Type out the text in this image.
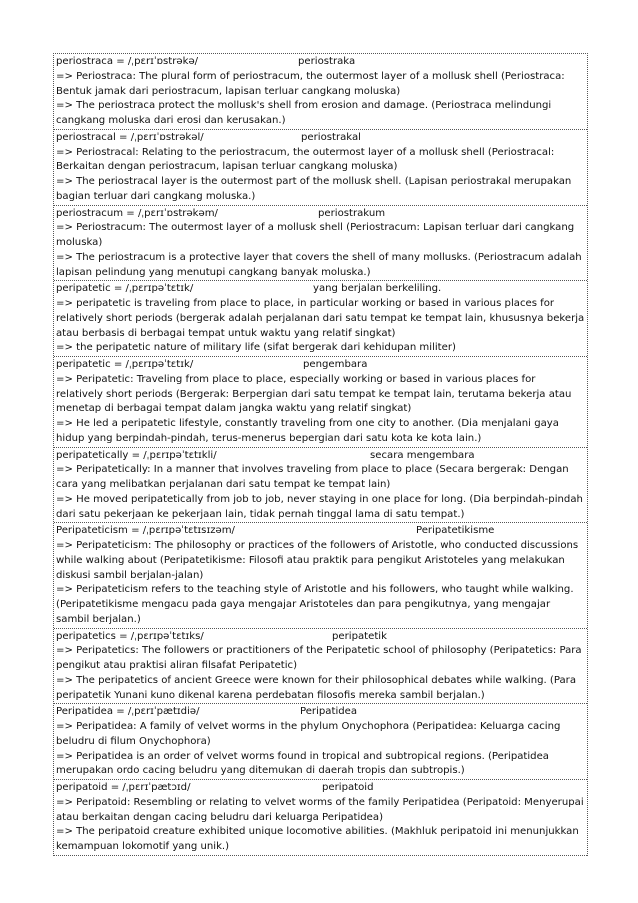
periostraca = /ˌpɛrɪˈɒstrəkə/	periostraka
=> Periostraca: The plural form of periostracum, the outermost layer of a mollusk shell (Periostraca: Bentuk jamak dari periostracum, lapisan terluar cangkang moluska)
=> The periostraca protect the mollusk's shell from erosion and damage. (Periostraca melindungi cangkang moluska dari erosi dan kerusakan.)
periostracal = /ˌpɛrɪˈɒstrəkəl/	periostrakal
=> Periostracal: Relating to the periostracum, the outermost layer of a mollusk shell (Periostracal: Berkaitan dengan periostracum, lapisan terluar cangkang moluska)
=> The periostracal layer is the outermost part of the mollusk shell. (Lapisan periostrakal merupakan bagian terluar dari cangkang moluska.)
periostracum = /ˌpɛrɪˈɒstrəkəm/	periostrakum
=> Periostracum: The outermost layer of a mollusk shell (Periostracum: Lapisan terluar dari cangkang moluska)
=> The periostracum is a protective layer that covers the shell of many mollusks. (Periostracum adalah lapisan pelindung yang menutupi cangkang banyak moluska.)
peripatetic = /ˌpɛrɪpəˈtɛtɪk/	yang berjalan berkeliling.
=> peripatetic is traveling from place to place, in particular working or based in various places for relatively short periods (bergerak adalah perjalanan dari satu tempat ke tempat lain, khususnya bekerja atau berbasis di berbagai tempat untuk waktu yang relatif singkat)
=> the peripatetic nature of military life (sifat bergerak dari kehidupan militer)
peripatetic = /ˌpɛrɪpəˈtɛtɪk/	pengembara
=> Peripatetic: Traveling from place to place, especially working or based in various places for relatively short periods (Bergerak: Berpergian dari satu tempat ke tempat lain, terutama bekerja atau menetap di berbagai tempat dalam jangka waktu yang relatif singkat)
=> He led a peripatetic lifestyle, constantly traveling from one city to another. (Dia menjalani gaya hidup yang berpindah-pindah, terus-menerus bepergian dari satu kota ke kota lain.)
peripatetically = /ˌpɛrɪpəˈtɛtɪkli/	secara mengembara
=> Peripatetically: In a manner that involves traveling from place to place (Secara bergerak: Dengan cara yang melibatkan perjalanan dari satu tempat ke tempat lain)
=> He moved peripatetically from job to job, never staying in one place for long. (Dia berpindah-pindah dari satu pekerjaan ke pekerjaan lain, tidak pernah tinggal lama di satu tempat.)
Peripateticism = /ˌpɛrɪpəˈtɛtɪsɪzəm/	Peripatetikisme
=> Peripateticism: The philosophy or practices of the followers of Aristotle, who conducted discussions while walking about (Peripatetikisme: Filosofi atau praktik para pengikut Aristoteles yang melakukan diskusi sambil berjalan-jalan)
=> Peripateticism refers to the teaching style of Aristotle and his followers, who taught while walking. (Peripatetikisme mengacu pada gaya mengajar Aristoteles dan para pengikutnya, yang mengajar sambil berjalan.)
peripatetics = /ˌpɛrɪpəˈtɛtɪks/	peripatetik
=> Peripatetics: The followers or practitioners of the Peripatetic school of philosophy (Peripatetics: Para pengikut atau praktisi aliran filsafat Peripatetic)
=> The peripatetics of ancient Greece were known for their philosophical debates while walking. (Para peripatetik Yunani kuno dikenal karena perdebatan filosofis mereka sambil berjalan.)
Peripatidea = /ˌpɛrɪˈpætɪdiə/	Peripatidea
=> Peripatidea: A family of velvet worms in the phylum Onychophora (Peripatidea: Keluarga cacing beludru di filum Onychophora)
=> Peripatidea is an order of velvet worms found in tropical and subtropical regions. (Peripatidea merupakan ordo cacing beludru yang ditemukan di daerah tropis dan subtropis.)
peripatoid = /ˌpɛrɪˈpætɔɪd/	peripatoid
=> Peripatoid: Resembling or relating to velvet worms of the family Peripatidea (Peripatoid: Menyerupai atau berkaitan dengan cacing beludru dari keluarga Peripatidea)
=> The peripatoid creature exhibited unique locomotive abilities. (Makhluk peripatoid ini menunjukkan kemampuan lokomotif yang unik.)
